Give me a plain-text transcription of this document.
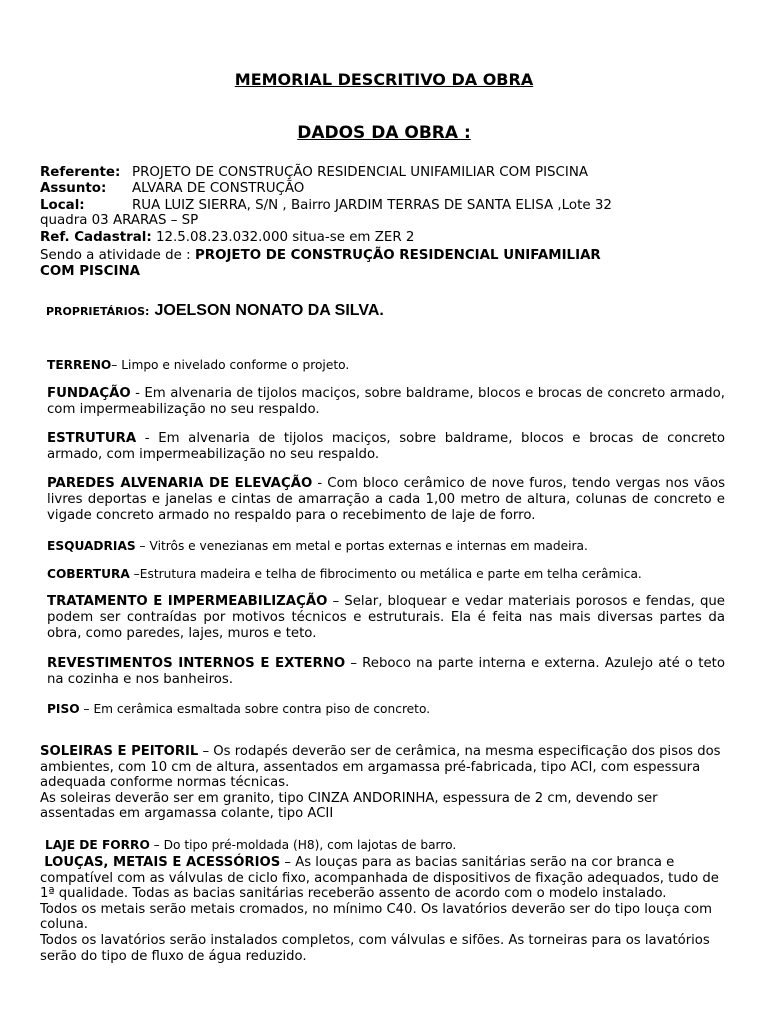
MEMORIAL DESCRITIVO DA OBRA
DADOS DA OBRA :
Referente: PROJETO DE CONSTRUÇÃO RESIDENCIAL UNIFAMILIAR COM PISCINA
Assunto: ALVARA DE CONSTRUÇÃO
Local:	RUA LUIZ SIERRA, S/N , Bairro JARDIM TERRAS DE SANTA ELISA ,Lote 32
quadra 03 ARARAS – SP
Ref. Cadastral: 12.5.08.23.032.000 situa-se em ZER 2
Sendo a atividade de : PROJETO DE CONSTRUÇÃO RESIDENCIAL UNIFAMILIAR
COM PISCINA
PROPRIETÁRIOS: JOELSON NONATO DA SILVA.
TERRENO– Limpo e nivelado conforme o projeto.
FUNDAÇÃO - Em alvenaria de tijolos maciços, sobre baldrame, blocos e brocas de concreto armado, com impermeabilização no seu respaldo.
ESTRUTURA - Em alvenaria de tijolos maciços, sobre baldrame, blocos e brocas de concreto armado, com impermeabilização no seu respaldo.
PAREDES ALVENARIA DE ELEVAÇÃO - Com bloco cerâmico de nove furos, tendo vergas nos vãos livres deportas e janelas e cintas de amarração a cada 1,00 metro de altura, colunas de concreto e vigade concreto armado no respaldo para o recebimento de laje de forro.
ESQUADRIAS – Vitrôs e venezianas em metal e portas externas e internas em madeira.
COBERTURA –Estrutura madeira e telha de fibrocimento ou metálica e parte em telha cerâmica.
TRATAMENTO E IMPERMEABILIZAÇÃO – Selar, bloquear e vedar materiais porosos e fendas, que podem ser contraídas por motivos técnicos e estruturais. Ela é feita nas mais diversas partes da obra, como paredes, lajes, muros e teto.
REVESTIMENTOS INTERNOS E EXTERNO – Reboco na parte interna e externa. Azulejo até o teto na cozinha e nos banheiros.
PISO – Em cerâmica esmaltada sobre contra piso de concreto.
SOLEIRAS E PEITORIL – Os rodapés deverão ser de cerâmica, na mesma especificação dos pisos dos ambientes, com 10 cm de altura, assentados em argamassa pré-fabricada, tipo ACI, com espessura adequada conforme normas técnicas.
As soleiras deverão ser em granito, tipo CINZA ANDORINHA, espessura de 2 cm, devendo ser assentadas em argamassa colante, tipo ACII
LAJE DE FORRO – Do tipo pré-moldada (H8), com lajotas de barro.
LOUÇAS, METAIS E ACESSÓRIOS – As louças para as bacias sanitárias serão na cor branca e compatível com as válvulas de ciclo fixo, acompanhada de dispositivos de fixação adequados, tudo de 1ª qualidade. Todas as bacias sanitárias receberão assento de acordo com o modelo instalado.
Todos os metais serão metais cromados, no mínimo C40. Os lavatórios deverão ser do tipo louça com coluna.
Todos os lavatórios serão instalados completos, com válvulas e sifões. As torneiras para os lavatórios serão do tipo de fluxo de água reduzido.
